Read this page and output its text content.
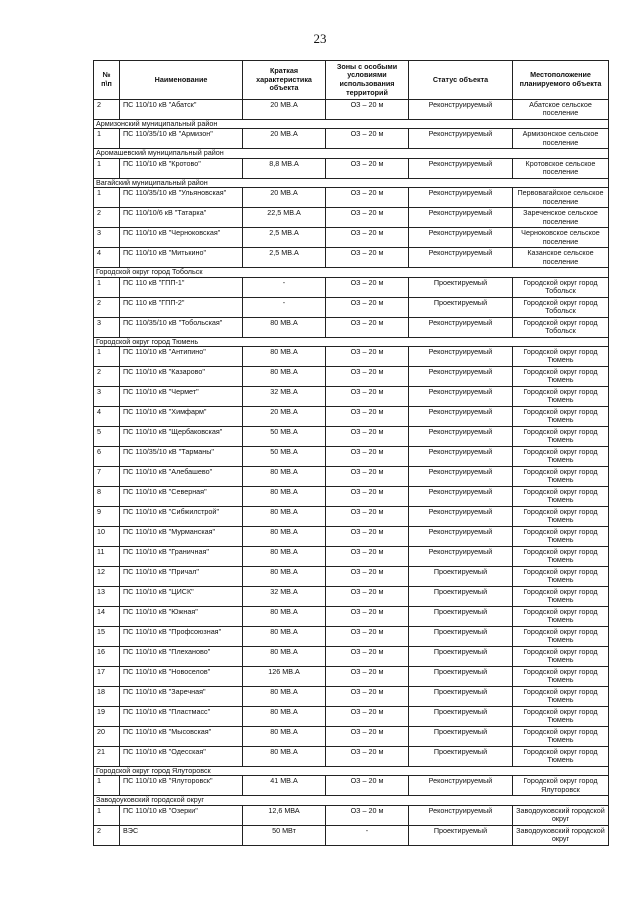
23
№ п\п	Наименование	Краткая характеристика объекта	Зоны с особыми условиями использования территорий	Статус объекта	Местоположение планируемого объекта
2	ПС 110/10 кВ "Абатск"	20 МВ.А	ОЗ – 20 м	Реконструируемый	Абатское сельское поселение
Армизонский муниципальный район					
1	ПС 110/35/10 кВ "Армизон"	20 МВ.А	ОЗ – 20 м	Реконструируемый	Армизонское сельское поселение
Аромашевский муниципальный район					
1	ПС 110/10 кВ "Кротово"	8,8 МВ.А	ОЗ – 20 м	Реконструируемый	Кротовское сельское поселение
Вагайский муниципальный район					
1	ПС 110/35/10 кВ "Ульяновская"	20 МВ.А	ОЗ – 20 м	Реконструируемый	Первовагайское сельское поселение
2	ПС 110/10/6 кВ "Татарка"	22,5 МВ.А	ОЗ – 20 м	Реконструируемый	Зареченское сельское поселение
3	ПС 110/10 кВ "Черноковская"	2,5 МВ.А	ОЗ – 20 м	Реконструируемый	Черноковское сельское поселение
4	ПС 110/10 кВ "Митькино"	2,5 МВ.А	ОЗ – 20 м	Реконструируемый	Казанское сельское поселение
Городской округ город Тобольск					
1	ПС 110 кВ "ГПП-1"	-	ОЗ – 20 м	Проектируемый	Городской округ город Тобольск
2	ПС 110 кВ "ГПП-2"	-	ОЗ – 20 м	Проектируемый	Городской округ город Тобольск
3	ПС 110/35/10 кВ "Тобольская"	80 МВ.А	ОЗ – 20 м	Реконструируемый	Городской округ город Тобольск
Городской округ город Тюмень					
1	ПС 110/10 кВ "Антипино"	80 МВ.А	ОЗ – 20 м	Реконструируемый	Городской округ город Тюмень
2	ПС 110/10 кВ "Казарово"	80 МВ.А	ОЗ – 20 м	Реконструируемый	Городской округ город Тюмень
3	ПС 110/10 кВ "Чермет"	32 МВ.А	ОЗ – 20 м	Реконструируемый	Городской округ город Тюмень
4	ПС 110/10 кВ "Химфарм"	20 МВ.А	ОЗ – 20 м	Реконструируемый	Городской округ город Тюмень
5	ПС 110/10 кВ "Щербаковская"	50 МВ.А	ОЗ – 20 м	Реконструируемый	Городской округ город Тюмень
6	ПС 110/35/10 кВ "Тарманы"	50 МВ.А	ОЗ – 20 м	Реконструируемый	Городской округ город Тюмень
7	ПС 110/10 кВ "Алебашево"	80 МВ.А	ОЗ – 20 м	Реконструируемый	Городской округ город Тюмень
8	ПС 110/10 кВ "Северная"	80 МВ.А	ОЗ – 20 м	Реконструируемый	Городской округ город Тюмень
9	ПС 110/10 кВ "Сибжилстрой"	80 МВ.А	ОЗ – 20 м	Реконструируемый	Городской округ город Тюмень
10	ПС 110/10 кВ "Мурманская"	80 МВ.А	ОЗ – 20 м	Реконструируемый	Городской округ город Тюмень
11	ПС 110/10 кВ "Граничная"	80 МВ.А	ОЗ – 20 м	Реконструируемый	Городской округ город Тюмень
12	ПС 110/10 кВ "Причал"	80 МВ.А	ОЗ – 20 м	Проектируемый	Городской округ город Тюмень
13	ПС 110/10 кВ "ЦИСК"	32 МВ.А	ОЗ – 20 м	Проектируемый	Городской округ город Тюмень
14	ПС 110/10 кВ "Южная"	80 МВ.А	ОЗ – 20 м	Проектируемый	Городской округ город Тюмень
15	ПС 110/10 кВ "Профсоюзная"	80 МВ.А	ОЗ – 20 м	Проектируемый	Городской округ город Тюмень
16	ПС 110/10 кВ "Плеханово"	80 МВ.А	ОЗ – 20 м	Проектируемый	Городской округ город Тюмень
17	ПС 110/10 кВ "Новоселов"	126 МВ.А	ОЗ – 20 м	Проектируемый	Городской округ город Тюмень
18	ПС 110/10 кВ "Заречная"	80 МВ.А	ОЗ – 20 м	Проектируемый	Городской округ город Тюмень
19	ПС 110/10 кВ "Пластмасс"	80 МВ.А	ОЗ – 20 м	Проектируемый	Городской округ город Тюмень
20	ПС 110/10 кВ "Мысовская"	80 МВ.А	ОЗ – 20 м	Проектируемый	Городской округ город Тюмень
21	ПС 110/10 кВ "Одесская"	80 МВ.А	ОЗ – 20 м	Проектируемый	Городской округ город Тюмень
Городской округ город Ялуторовск					
1	ПС 110/10 кВ "Ялуторовск"	41 МВ.А	ОЗ – 20 м	Реконструируемый	Городской округ город Ялуторовск
Заводоуковский городской округ					
1	ПС 110/10 кВ "Озерки"	12,6 МВА	ОЗ – 20 м	Реконструируемый	Заводоуковский городской округ
2	ВЭС	50 МВт	-	Проектируемый	Заводоуковский городской округ
